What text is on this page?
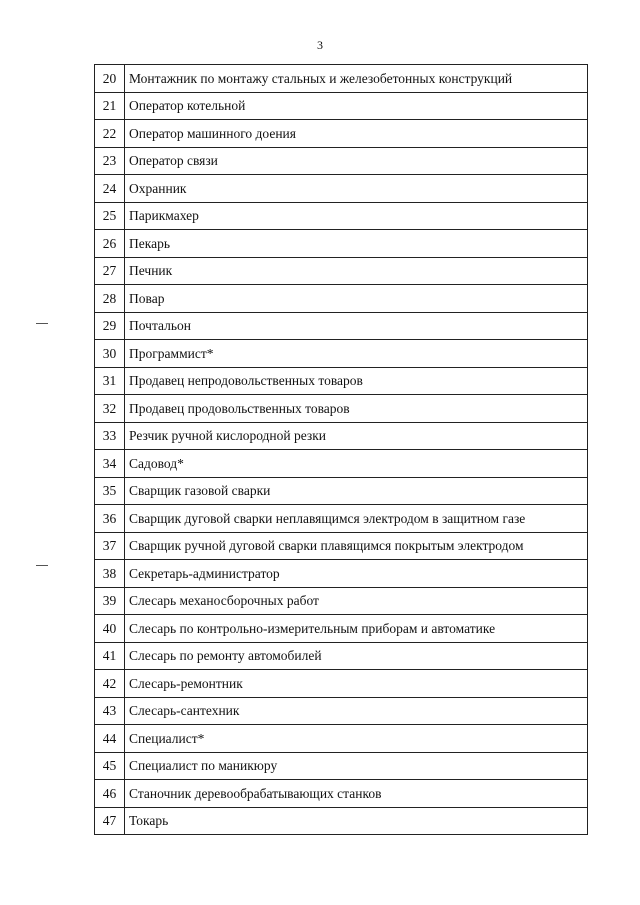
3
20	Монтажник по монтажу стальных и железобетонных конструкций
21	Оператор котельной
22	Оператор машинного доения
23	Оператор связи
24	Охранник
25	Парикмахер
26	Пекарь
27	Печник
28	Повар
29	Почтальон
30	Программист*
31	Продавец непродовольственных товаров
32	Продавец продовольственных товаров
33	Резчик ручной кислородной резки
34	Садовод*
35	Сварщик газовой сварки
36	Сварщик дуговой сварки неплавящимся электродом в защитном газе
37	Сварщик ручной дуговой сварки плавящимся покрытым электродом
38	Секретарь-администратор
39	Слесарь механосборочных работ
40	Слесарь по контрольно-измерительным приборам и автоматике
41	Слесарь по ремонту автомобилей
42	Слесарь-ремонтник
43	Слесарь-сантехник
44	Специалист*
45	Специалист по маникюру
46	Станочник деревообрабатывающих станков
47	Токарь
